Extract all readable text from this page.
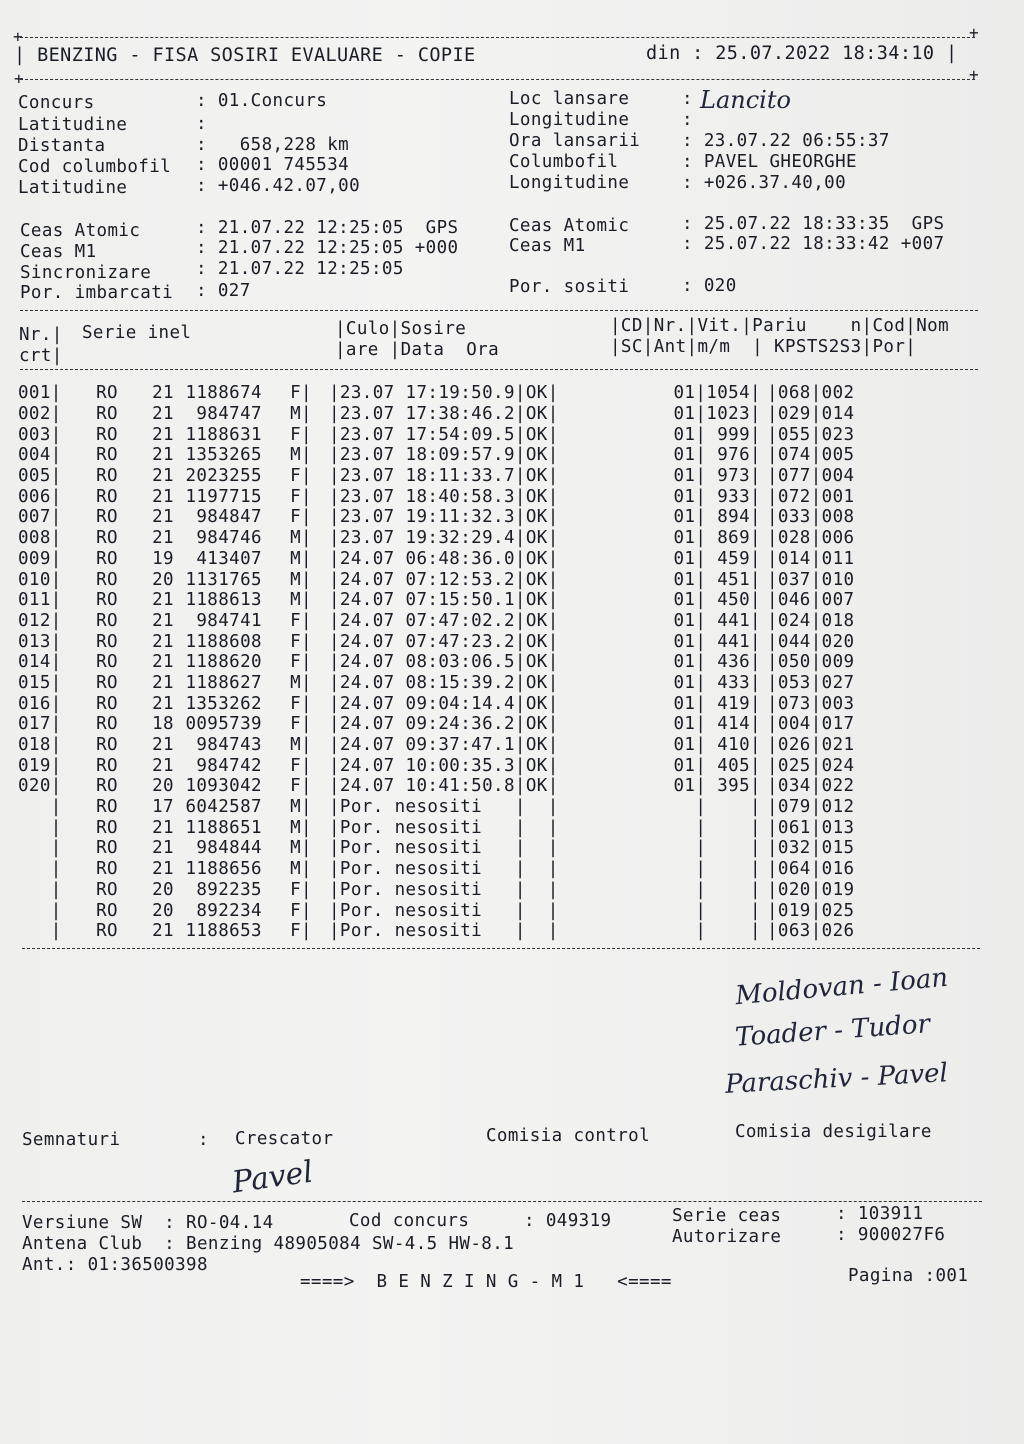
+	+
| BENZING - FISA SOSIRI EVALUARE - COPIE	din : 25.07.2022 18:34:10 |
+	+
Concurs	: 01.Concurs
Latitudine	:
Distanta	:   658,228 km
Cod columbofil : 00001 745534
Latitudine	: +046.42.07,00
Loc lansare	: Lancito
Longitudine	:
Ora lansarii : 23.07.22 06:55:37
Columbofil	: PAVEL GHEORGHE
Longitudine	: +026.37.40,00
Ceas Atomic	: 21.07.22 12:25:05  GPS
Ceas M1	: 21.07.22 12:25:05 +000
Sincronizare	: 21.07.22 12:25:05
Por. imbarcati : 027
Ceas Atomic	: 25.07.22 18:33:35  GPS
Ceas M1	: 25.07.22 18:33:42 +007
Por. sositi	: 020
Nr.|
crt|
Serie inel	|Culo|Sosire
|are |Data  Ora
|CD|Nr.|Vit.|Pariu    n|Cod|Nom
|SC|Ant|m/m  | KPSTS2S3|Por|
001|	RO	21	1188674	F|	|23.07 17:19:50.9|OK|	01|1054|	|068|002
002|	RO	21	984747	M|	|23.07 17:38:46.2|OK|	01|1023|	|029|014
003|	RO	21	1188631	F|	|23.07 17:54:09.5|OK|	01| 999|	|055|023
004|	RO	21	1353265	M|	|23.07 18:09:57.9|OK|	01| 976|	|074|005
005|	RO	21	2023255	F|	|23.07 18:11:33.7|OK|	01| 973|	|077|004
006|	RO	21	1197715	F|	|23.07 18:40:58.3|OK|	01| 933|	|072|001
007|	RO	21	984847	F|	|23.07 19:11:32.3|OK|	01| 894|	|033|008
008|	RO	21	984746	M|	|23.07 19:32:29.4|OK|	01| 869|	|028|006
009|	RO	19	413407	M|	|24.07 06:48:36.0|OK|	01| 459|	|014|011
010|	RO	20	1131765	M|	|24.07 07:12:53.2|OK|	01| 451|	|037|010
011|	RO	21	1188613	M|	|24.07 07:15:50.1|OK|	01| 450|	|046|007
012|	RO	21	984741	F|	|24.07 07:47:02.2|OK|	01| 441|	|024|018
013|	RO	21	1188608	F|	|24.07 07:47:23.2|OK|	01| 441|	|044|020
014|	RO	21	1188620	F|	|24.07 08:03:06.5|OK|	01| 436|	|050|009
015|	RO	21	1188627	M|	|24.07 08:15:39.2|OK|	01| 433|	|053|027
016|	RO	21	1353262	F|	|24.07 09:04:14.4|OK|	01| 419|	|073|003
017|	RO	18	0095739	F|	|24.07 09:24:36.2|OK|	01| 414|	|004|017
018|	RO	21	984743	M|	|24.07 09:37:47.1|OK|	01| 410|	|026|021
019|	RO	21	984742	F|	|24.07 10:00:35.3|OK|	01| 405|	|025|024
020|	RO	20	1093042	F|	|24.07 10:41:50.8|OK|	01| 395|	|034|022
|	RO	17	6042587	M|	|Por. nesositi   |  |	|    |	|079|012
|	RO	21	1188651	M|	|Por. nesositi   |  |	|    |	|061|013
|	RO	21	984844	M|	|Por. nesositi   |  |	|    |	|032|015
|	RO	21	1188656	M|	|Por. nesositi   |  |	|    |	|064|016
|	RO	20	892235	F|	|Por. nesositi   |  |	|    |	|020|019
|	RO	20	892234	F|	|Por. nesositi   |  |	|    |	|019|025
|	RO	21	1188653	F|	|Por. nesositi   |  |	|    |	|063|026
Moldovan - Ioan
Toader - Tudor
Paraschiv - Pavel
Semnaturi	: Crescator	Comisia control	Comisia desigilare
Pavel
Versiune SW  : RO-04.14	Cod concurs     : 049319	Serie ceas	: 103911
Antena Club  : Benzing 48905084 SW-4.5 HW-8.1	Autorizare	: 900027F6
Ant.: 01:36500398
====>  B E N Z I N G - M 1   <====	Pagina :001
